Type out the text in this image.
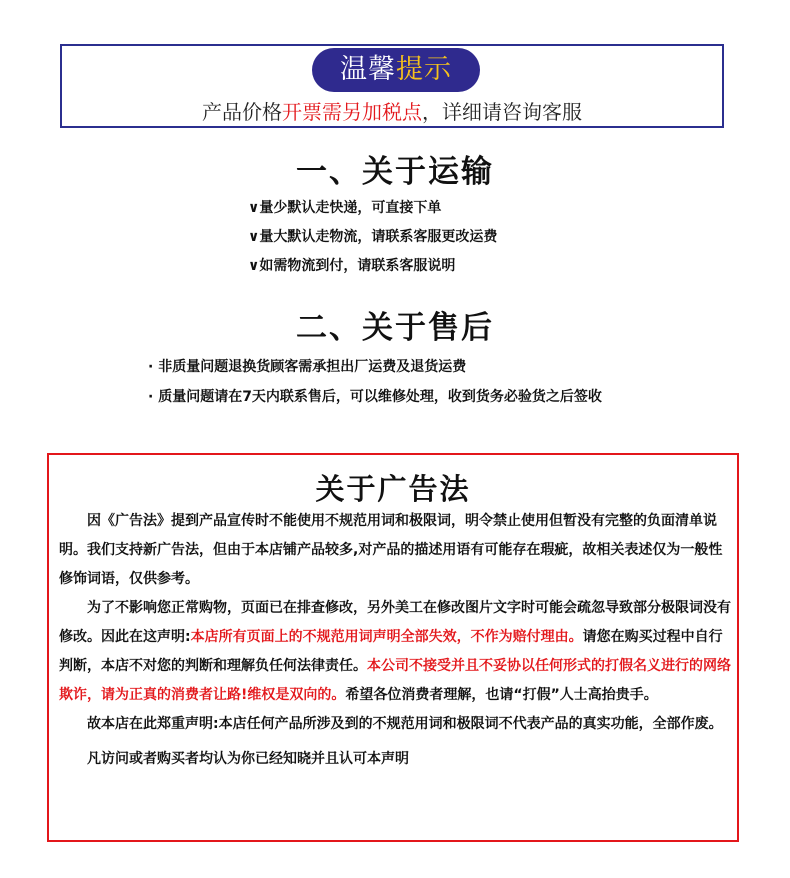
温馨提示
产品价格开票需另加税点，详细请咨询客服
一、关于运输
∨量少默认走快递，可直接下单
∨量大默认走物流，请联系客服更改运费
∨如需物流到付，请联系客服说明
二、关于售后
· 非质量问题退换货顾客需承担出厂运费及退货运费
· 质量问题请在7天内联系售后，可以维修处理，收到货务必验货之后签收
关于广告法

因《广告法》提到产品宣传时不能使用不规范用词和极限词，明令禁止使用但暂没有完整的负面清单说明。我们支持新广告法，但由于本店铺产品较多,对产品的描述用语有可能存在瑕疵，故相关表述仅为一般性修饰词语，仅供参考。

为了不影响您正常购物，页面已在排查修改，另外美工在修改图片文字时可能会疏忽导致部分极限词没有修改。因此在这声明:本店所有页面上的不规范用词声明全部失效，不作为赔付理由。请您在购买过程中自行判断，本店不对您的判断和理解负任何法律责任。本公司不接受并且不妥协以任何形式的打假名义进行的网络欺诈，请为正真的消费者让路!维权是双向的。希望各位消费者理解，也请“打假”人士高抬贵手。

故本店在此郑重声明:本店任何产品所涉及到的不规范用词和极限词不代表产品的真实功能，全部作废。

凡访问或者购买者均认为你已经知晓并且认可本声明
